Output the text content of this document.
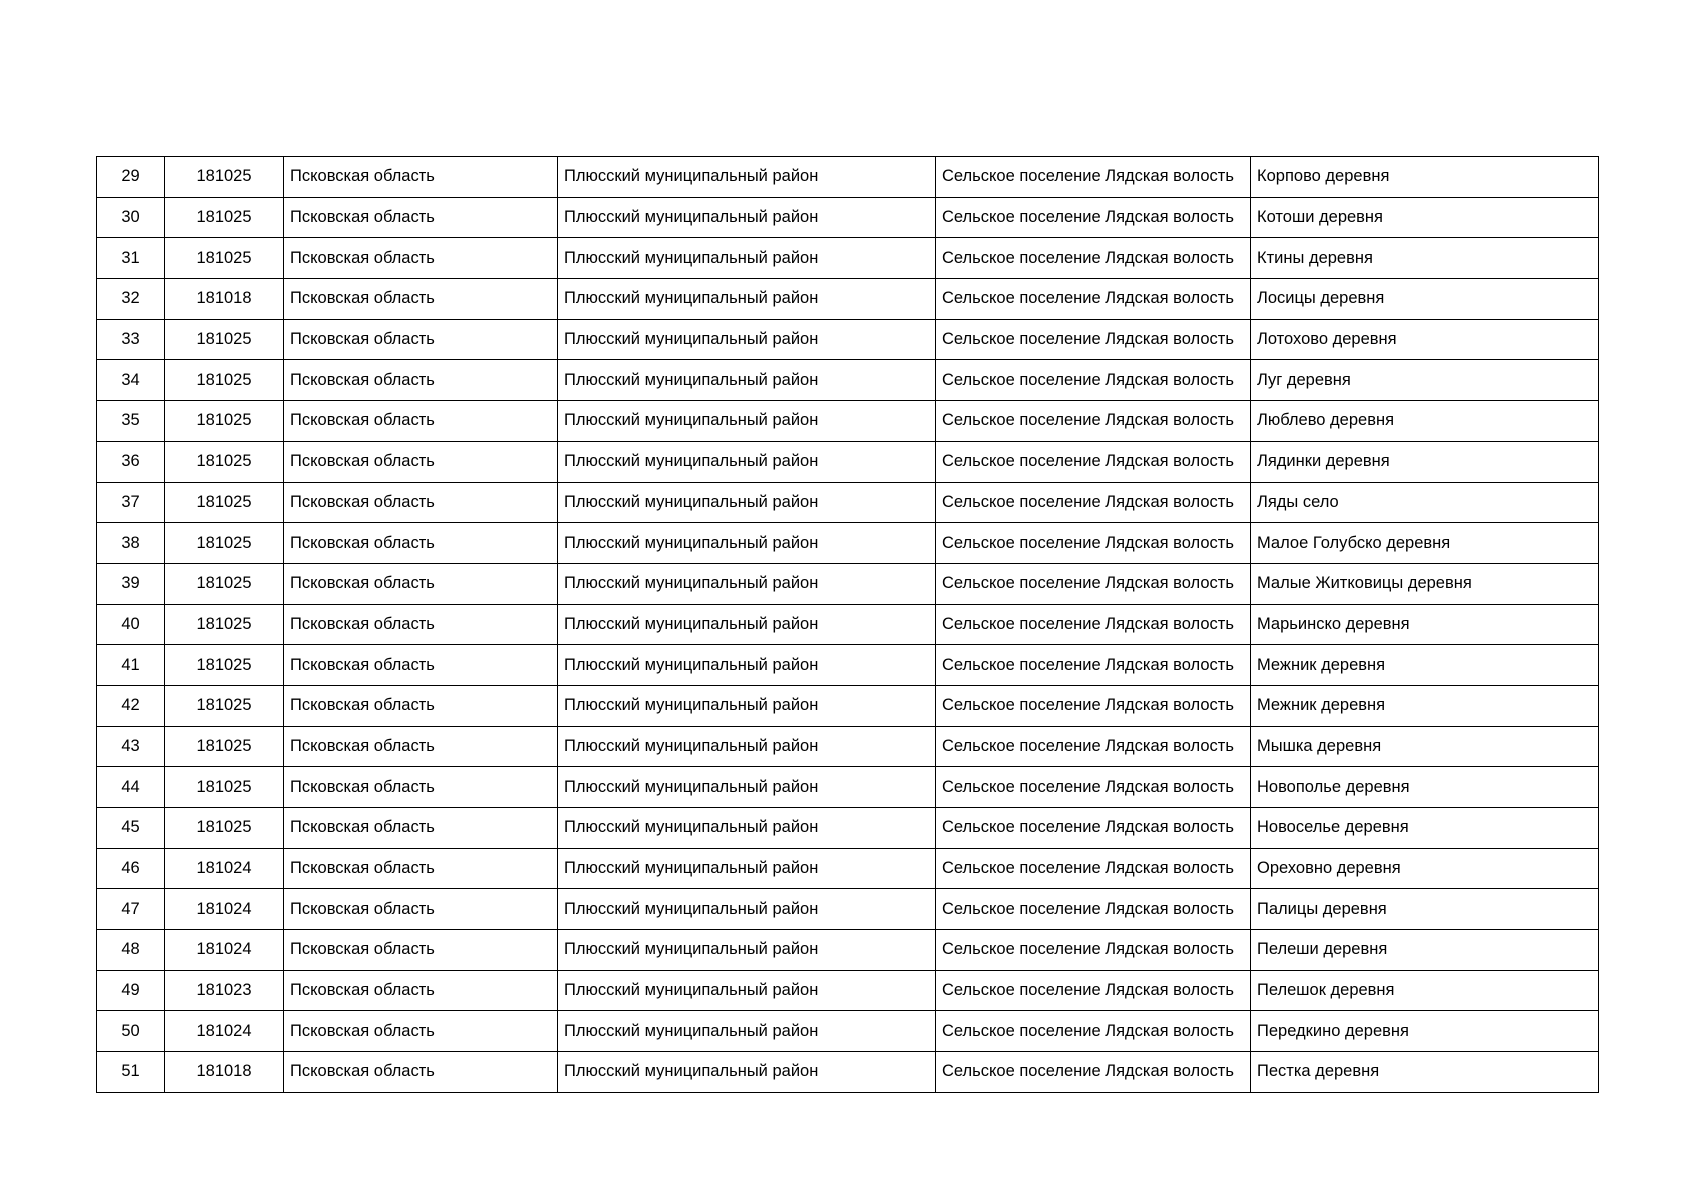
29	181025	Псковская область	Плюсский муниципальный район	Сельское поселение Лядская волость	Корпово деревня
30	181025	Псковская область	Плюсский муниципальный район	Сельское поселение Лядская волость	Котоши деревня
31	181025	Псковская область	Плюсский муниципальный район	Сельское поселение Лядская волость	Ктины деревня
32	181018	Псковская область	Плюсский муниципальный район	Сельское поселение Лядская волость	Лосицы деревня
33	181025	Псковская область	Плюсский муниципальный район	Сельское поселение Лядская волость	Лотохово деревня
34	181025	Псковская область	Плюсский муниципальный район	Сельское поселение Лядская волость	Луг деревня
35	181025	Псковская область	Плюсский муниципальный район	Сельское поселение Лядская волость	Люблево деревня
36	181025	Псковская область	Плюсский муниципальный район	Сельское поселение Лядская волость	Лядинки деревня
37	181025	Псковская область	Плюсский муниципальный район	Сельское поселение Лядская волость	Ляды село
38	181025	Псковская область	Плюсский муниципальный район	Сельское поселение Лядская волость	Малое Голубско деревня
39	181025	Псковская область	Плюсский муниципальный район	Сельское поселение Лядская волость	Малые Житковицы деревня
40	181025	Псковская область	Плюсский муниципальный район	Сельское поселение Лядская волость	Марьинско деревня
41	181025	Псковская область	Плюсский муниципальный район	Сельское поселение Лядская волость	Межник деревня
42	181025	Псковская область	Плюсский муниципальный район	Сельское поселение Лядская волость	Межник деревня
43	181025	Псковская область	Плюсский муниципальный район	Сельское поселение Лядская волость	Мышка деревня
44	181025	Псковская область	Плюсский муниципальный район	Сельское поселение Лядская волость	Новополье деревня
45	181025	Псковская область	Плюсский муниципальный район	Сельское поселение Лядская волость	Новоселье деревня
46	181024	Псковская область	Плюсский муниципальный район	Сельское поселение Лядская волость	Ореховно деревня
47	181024	Псковская область	Плюсский муниципальный район	Сельское поселение Лядская волость	Палицы деревня
48	181024	Псковская область	Плюсский муниципальный район	Сельское поселение Лядская волость	Пелеши деревня
49	181023	Псковская область	Плюсский муниципальный район	Сельское поселение Лядская волость	Пелешок деревня
50	181024	Псковская область	Плюсский муниципальный район	Сельское поселение Лядская волость	Передкино деревня
51	181018	Псковская область	Плюсский муниципальный район	Сельское поселение Лядская волость	Пестка деревня
